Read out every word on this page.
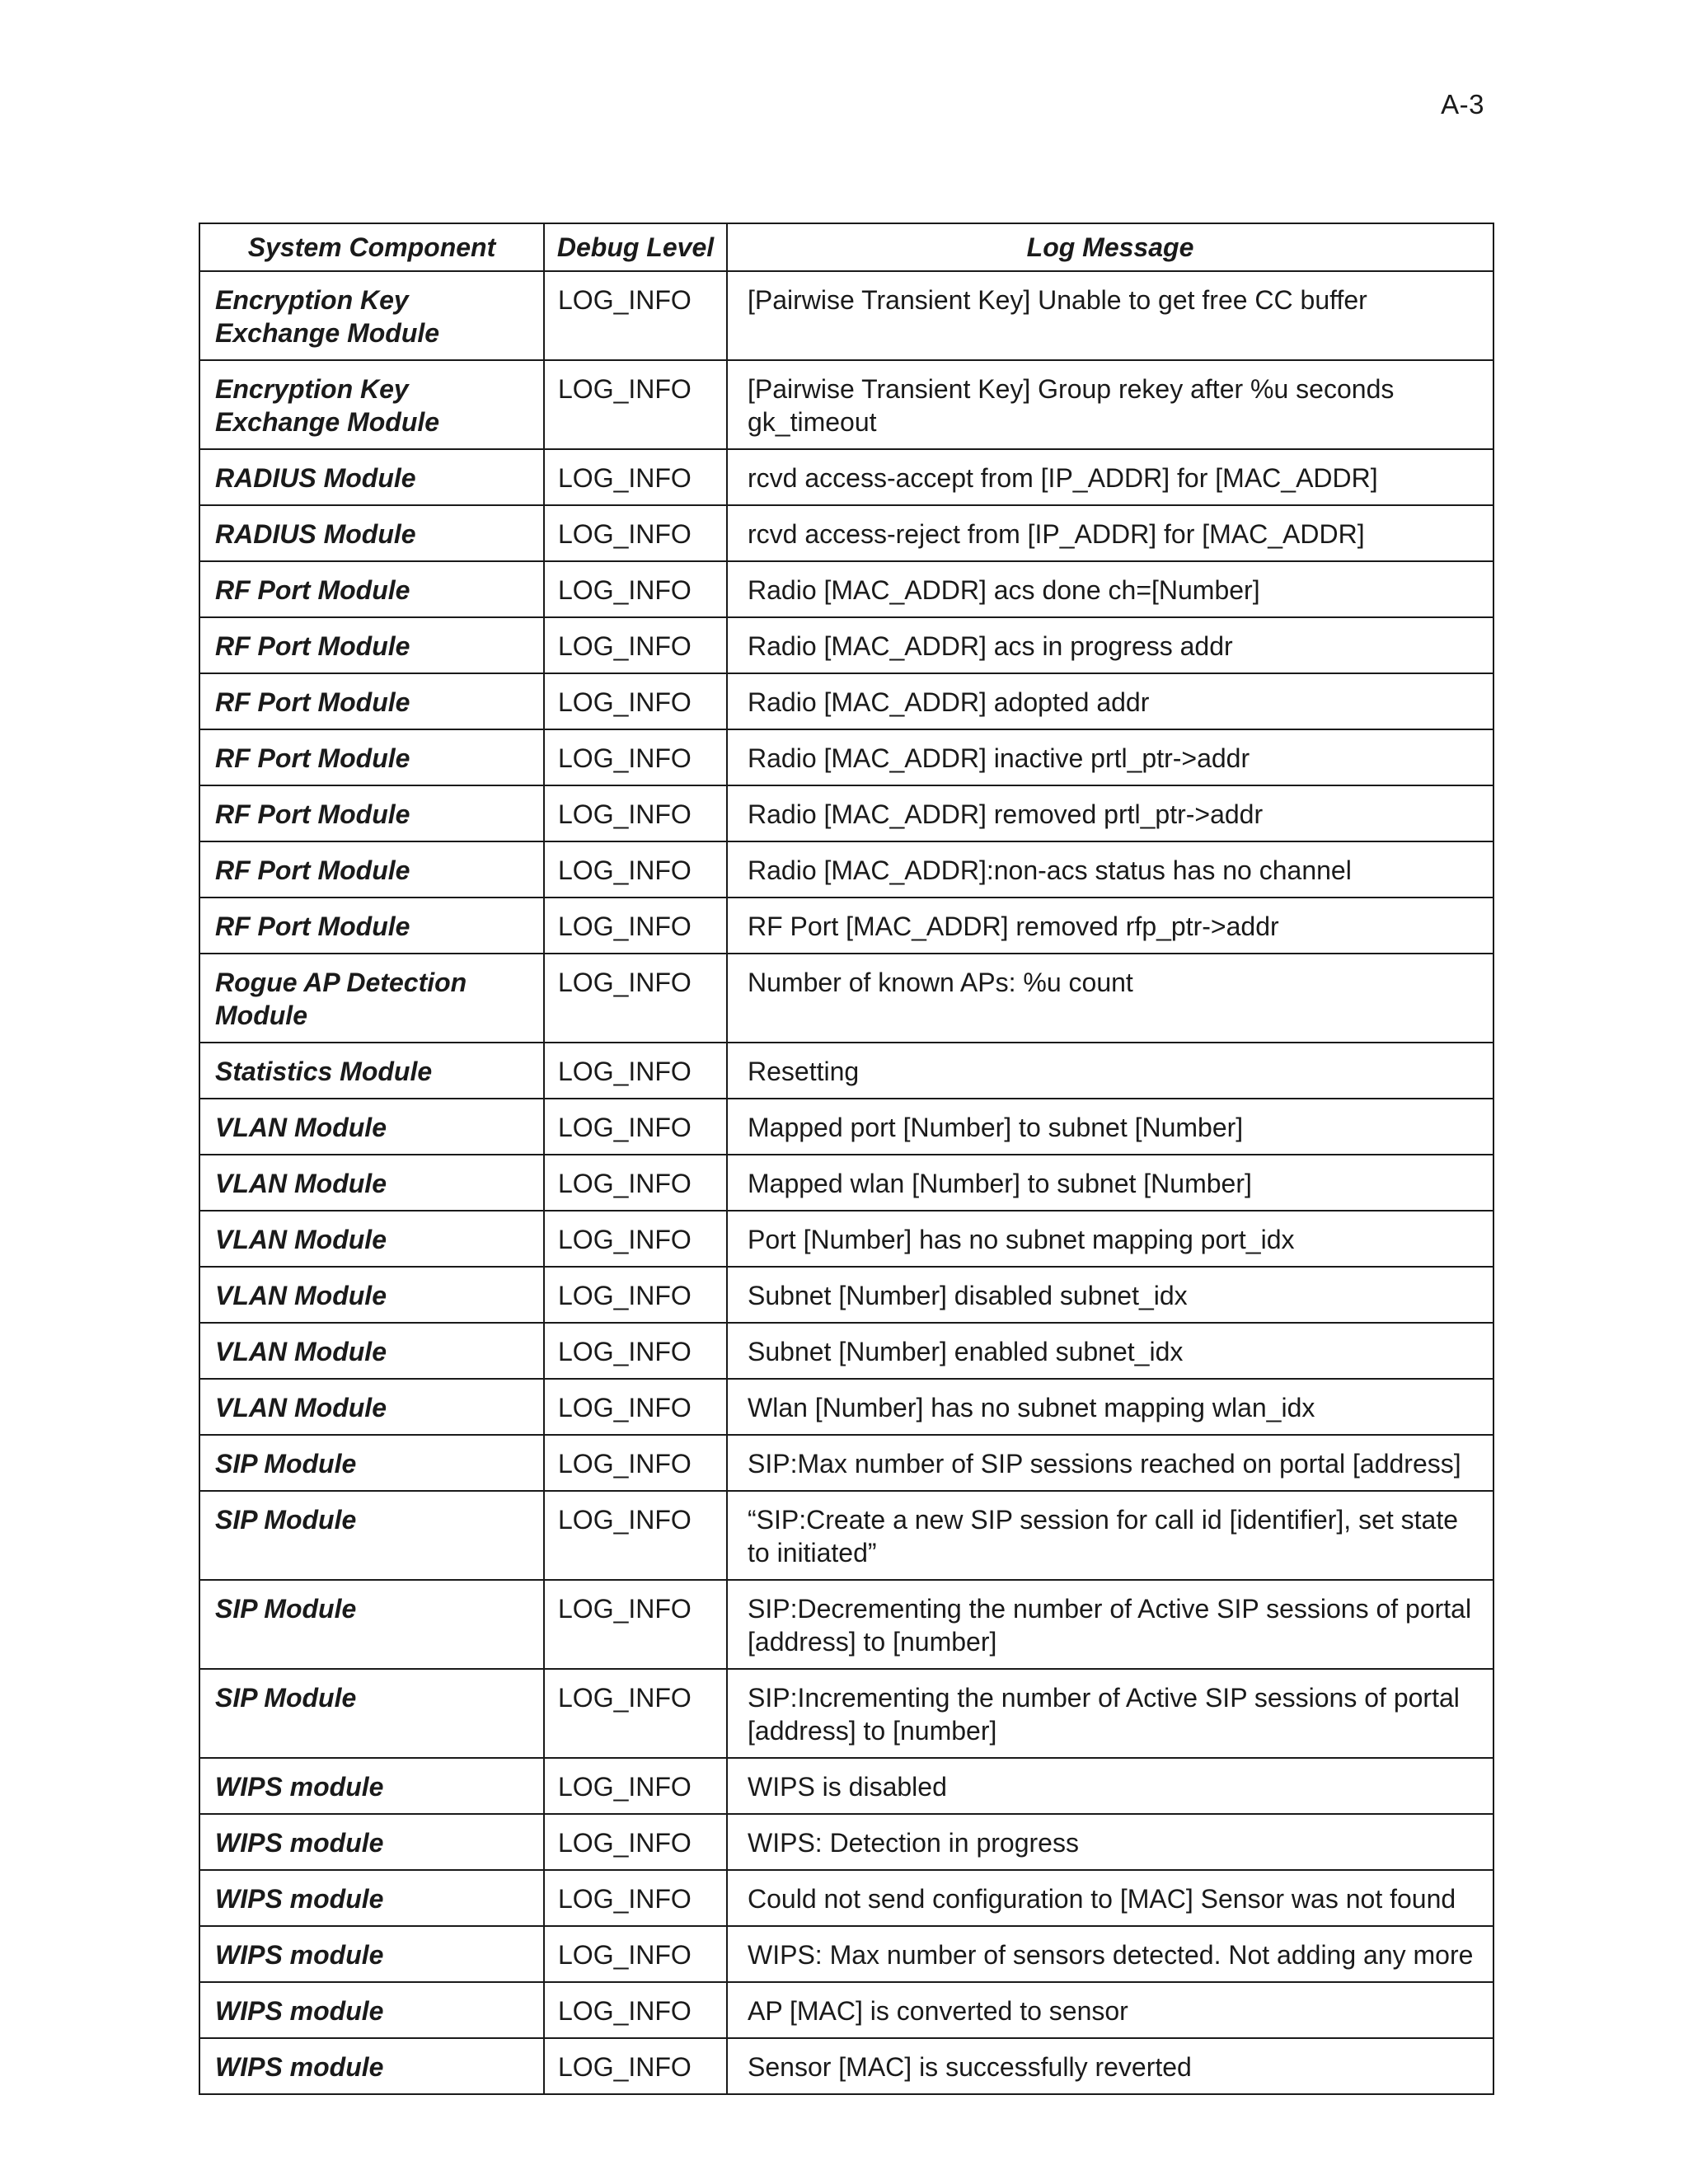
A-3
System Component	Debug Level	Log Message
Encryption Key Exchange Module	LOG_INFO	[Pairwise Transient Key] Unable to get free CC buffer
Encryption Key Exchange Module	LOG_INFO	[Pairwise Transient Key] Group rekey after %u seconds gk_timeout
RADIUS Module	LOG_INFO	rcvd access-accept from [IP_ADDR] for [MAC_ADDR]
RADIUS Module	LOG_INFO	rcvd access-reject from [IP_ADDR] for [MAC_ADDR]
RF Port Module	LOG_INFO	Radio [MAC_ADDR] acs done ch=[Number]
RF Port Module	LOG_INFO	Radio [MAC_ADDR] acs in progress addr
RF Port Module	LOG_INFO	Radio [MAC_ADDR] adopted addr
RF Port Module	LOG_INFO	Radio [MAC_ADDR] inactive prtl_ptr->addr
RF Port Module	LOG_INFO	Radio [MAC_ADDR] removed prtl_ptr->addr
RF Port Module	LOG_INFO	Radio [MAC_ADDR]:non-acs status has no channel
RF Port Module	LOG_INFO	RF Port [MAC_ADDR] removed rfp_ptr->addr
Rogue AP Detection Module	LOG_INFO	Number of known APs: %u count
Statistics Module	LOG_INFO	Resetting
VLAN Module	LOG_INFO	Mapped port [Number] to subnet [Number]
VLAN Module	LOG_INFO	Mapped wlan [Number] to subnet [Number]
VLAN Module	LOG_INFO	Port [Number] has no subnet mapping port_idx
VLAN Module	LOG_INFO	Subnet [Number] disabled subnet_idx
VLAN Module	LOG_INFO	Subnet [Number] enabled subnet_idx
VLAN Module	LOG_INFO	Wlan [Number] has no subnet mapping wlan_idx
SIP Module	LOG_INFO	SIP:Max number of SIP sessions reached on portal [address]
SIP Module	LOG_INFO	“SIP:Create a new SIP session for call id [identifier], set state to initiated”
SIP Module	LOG_INFO	SIP:Decrementing the number of Active SIP sessions of portal [address] to [number]
SIP Module	LOG_INFO	SIP:Incrementing the number of Active SIP sessions of portal [address] to [number]
WIPS module	LOG_INFO	WIPS is disabled
WIPS module	LOG_INFO	WIPS: Detection in progress
WIPS module	LOG_INFO	Could not send configuration to [MAC] Sensor was not found
WIPS module	LOG_INFO	WIPS: Max number of sensors detected. Not adding any more
WIPS module	LOG_INFO	AP [MAC] is converted to sensor
WIPS module	LOG_INFO	Sensor [MAC] is successfully reverted
